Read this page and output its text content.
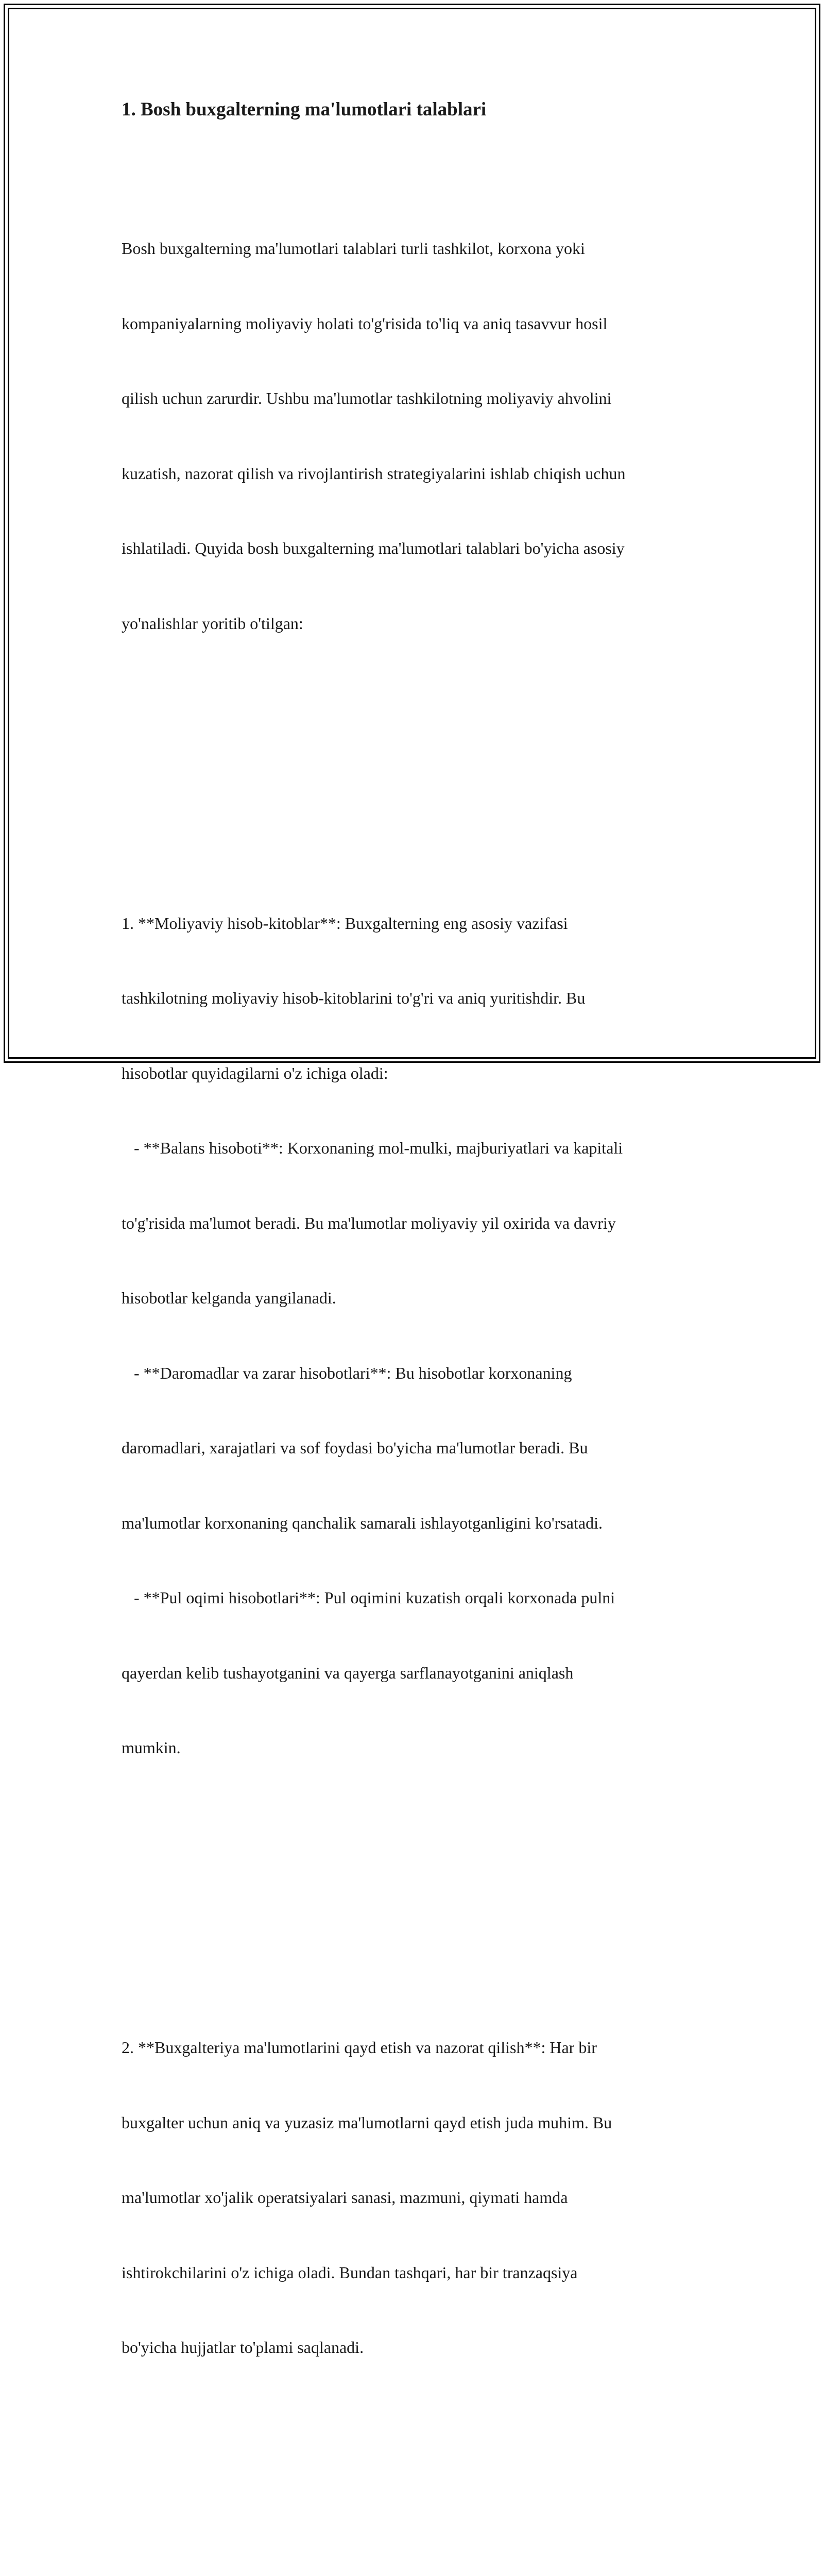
1. Bosh buxgalterning ma'lumotlari talablari

Bosh buxgalterning ma'lumotlari talablari turli tashkilot, korxona yoki

kompaniyalarning moliyaviy holati to'g'risida to'liq va aniq tasavvur hosil

qilish uchun zarurdir. Ushbu ma'lumotlar tashkilotning moliyaviy ahvolini

kuzatish, nazorat qilish va rivojlantirish strategiyalarini ishlab chiqish uchun

ishlatiladi. Quyida bosh buxgalterning ma'lumotlari talablari bo'yicha asosiy

yo'nalishlar yoritib o'tilgan:

1. **Moliyaviy hisob-kitoblar**: Buxgalterning eng asosiy vazifasi

tashkilotning moliyaviy hisob-kitoblarini to'g'ri va aniq yuritishdir. Bu

hisobotlar quyidagilarni o'z ichiga oladi:

- **Balans hisoboti**: Korxonaning mol-mulki, majburiyatlari va kapitali

to'g'risida ma'lumot beradi. Bu ma'lumotlar moliyaviy yil oxirida va davriy

hisobotlar kelganda yangilanadi.

- **Daromadlar va zarar hisobotlari**: Bu hisobotlar korxonaning

daromadlari, xarajatlari va sof foydasi bo'yicha ma'lumotlar beradi. Bu

ma'lumotlar korxonaning qanchalik samarali ishlayotganligini ko'rsatadi.

- **Pul oqimi hisobotlari**: Pul oqimini kuzatish orqali korxonada pulni

qayerdan kelib tushayotganini va qayerga sarflanayotganini aniqlash

mumkin.

2. **Buxgalteriya ma'lumotlarini qayd etish va nazorat qilish**: Har bir

buxgalter uchun aniq va yuzasiz ma'lumotlarni qayd etish juda muhim. Bu

ma'lumotlar xo'jalik operatsiyalari sanasi, mazmuni, qiymati hamda

ishtirokchilarini o'z ichiga oladi. Bundan tashqari, har bir tranzaqsiya

bo'yicha hujjatlar to'plami saqlanadi.
